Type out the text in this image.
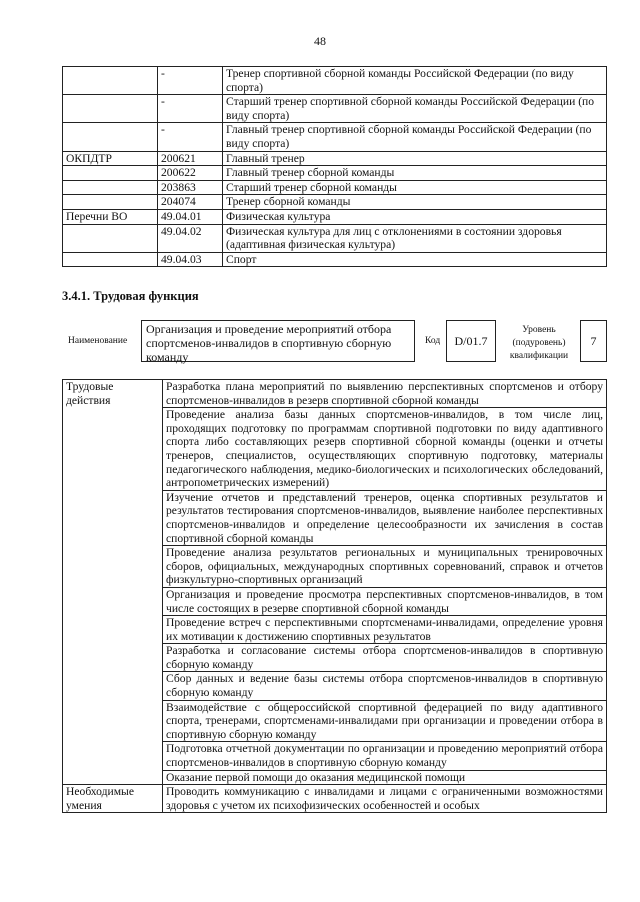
48
	-	Тренер спортивной сборной команды Российской Федерации (по виду спорта)
	-	Старший тренер спортивной сборной команды Российской Федерации (по виду спорта)
	-	Главный тренер спортивной сборной команды Российской Федерации (по виду спорта)
ОКПДТР	200621	Главный тренер
	200622	Главный тренер сборной команды
	203863	Старший тренер сборной команды
	204074	Тренер сборной команды
Перечни ВО	49.04.01	Физическая культура
	49.04.02	Физическая культура для лиц с отклонениями в состоянии здоровья (адаптивная физическая культура)
	49.04.03	Спорт
3.4.1. Трудовая функция
Наименование
Организация и проведение мероприятий отбора спортсменов-инвалидов в спортивную сборную команду
Код	D/01.7
Уровень
(подуровень)
квалификации
7
Трудовые действия	Разработка плана мероприятий по выявлению перспективных спортсменов и отбору спортсменов-инвалидов в резерв спортивной сборной команды
	Проведение анализа базы данных спортсменов-инвалидов, в том числе лиц, проходящих подготовку по программам спортивной подготовки по виду адаптивного спорта либо составляющих резерв спортивной сборной команды (оценки и отчеты тренеров, специалистов, осуществляющих спортивную подготовку, материалы педагогического наблюдения, медико-биологических и психологических обследований, антропометрических измерений)
	Изучение отчетов и представлений тренеров, оценка спортивных результатов и результатов тестирования спортсменов-инвалидов, выявление наиболее перспективных спортсменов-инвалидов и определение целесообразности их зачисления в состав спортивной сборной команды
	Проведение анализа результатов региональных и муниципальных тренировочных сборов, официальных, международных спортивных соревнований, справок и отчетов физкультурно-спортивных организаций
	Организация и проведение просмотра перспективных спортсменов-инвалидов, в том числе состоящих в резерве спортивной сборной команды
	Проведение встреч с перспективными спортсменами-инвалидами, определение уровня их мотивации к достижению спортивных результатов
	Разработка и согласование системы отбора спортсменов-инвалидов в спортивную сборную команду
	Сбор данных и ведение базы системы отбора спортсменов-инвалидов в спортивную сборную команду
	Взаимодействие с общероссийской спортивной федерацией по виду адаптивного спорта, тренерами, спортсменами-инвалидами при организации и проведении отбора в спортивную сборную команду
	Подготовка отчетной документации по организации и проведению мероприятий отбора спортсменов-инвалидов в спортивную сборную команду
	Оказание первой помощи до оказания медицинской помощи
Необходимые умения	Проводить коммуникацию с инвалидами и лицами с ограниченными возможностями здоровья с учетом их психофизических особенностей и особых
